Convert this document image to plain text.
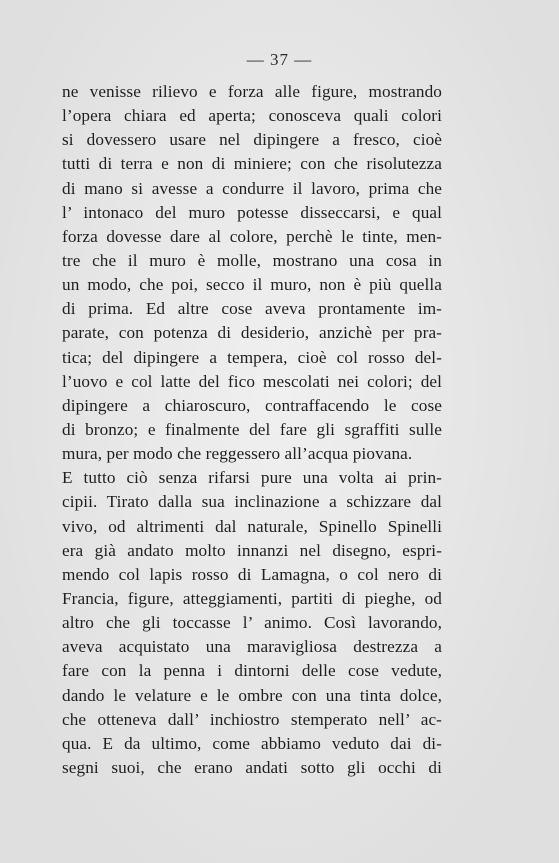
— 37 —
ne venisse rilievo e forza alle figure, mostrando
l’opera chiara ed aperta; conosceva quali colori
si dovessero usare nel dipingere a fresco, cioè
tutti di terra e non di miniere; con che risolutezza
di mano si avesse a condurre il lavoro, prima che
l’ intonaco del muro potesse disseccarsi, e qual
forza dovesse dare al colore, perchè le tinte, men-
tre che il muro è molle, mostrano una cosa in
un modo, che poi, secco il muro, non è più quella
di prima. Ed altre cose aveva prontamente im-
parate, con potenza di desiderio, anzichè per pra-
tica; del dipingere a tempera, cioè col rosso del-
l’uovo e col latte del fico mescolati nei colori; del
dipingere a chiaroscuro, contraffacendo le cose
di bronzo; e finalmente del fare gli sgraffiti sulle
mura, per modo che reggessero all’acqua piovana.
E tutto ciò senza rifarsi pure una volta ai prin-
cipii. Tirato dalla sua inclinazione a schizzare dal
vivo, od altrimenti dal naturale, Spinello Spinelli
era già andato molto innanzi nel disegno, espri-
mendo col lapis rosso di Lamagna, o col nero di
Francia, figure, atteggiamenti, partiti di pieghe, od
altro che gli toccasse l’ animo. Così lavorando,
aveva acquistato una maravigliosa destrezza a
fare con la penna i dintorni delle cose vedute,
dando le velature e le ombre con una tinta dolce,
che otteneva dall’ inchiostro stemperato nell’ ac-
qua. E da ultimo, come abbiamo veduto dai di-
segni suoi, che erano andati sotto gli occhi di
